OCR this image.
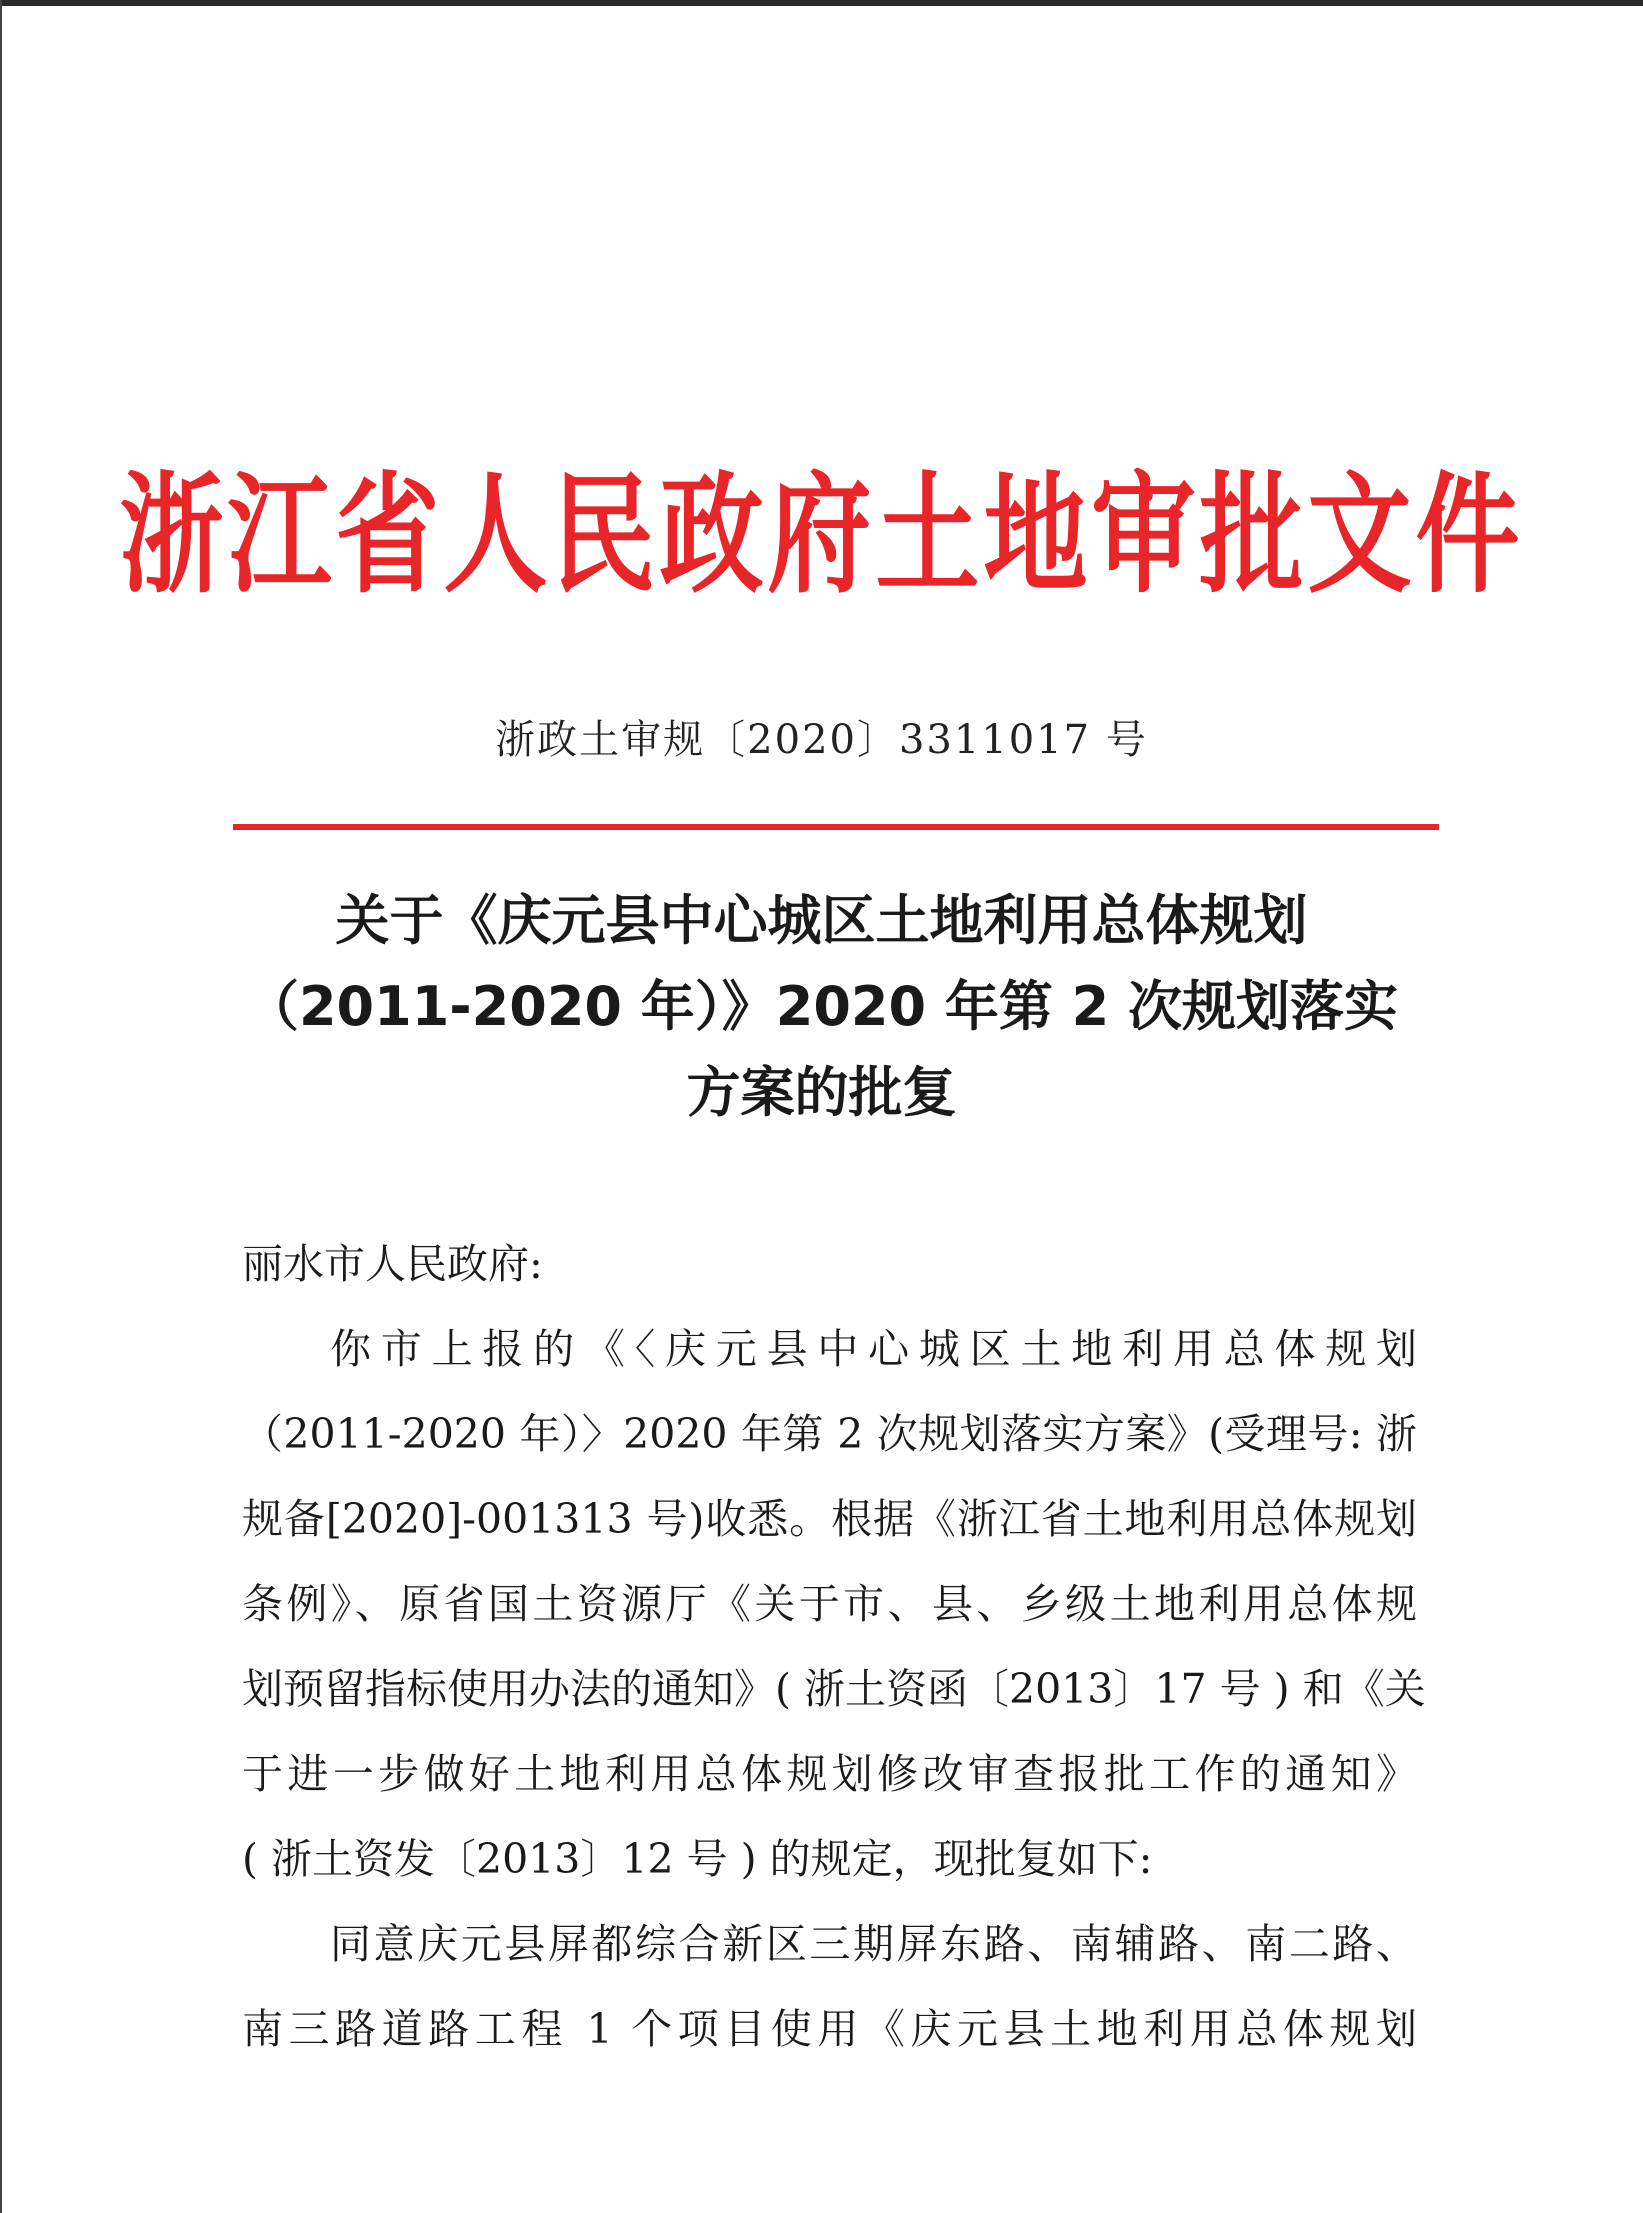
浙江省人民政府土地审批文件
浙政土审规〔2020〕3311017 号
关于《庆元县中心城区土地利用总体规划
（2011-2020 年）》2020 年第 2 次规划落实
方案的批复

丽水市人民政府:

你市上报的《〈庆元县中心城区土地利用总体规划
（2011-2020 年）〉2020 年第 2 次规划落实方案》(受理号: 浙
规备[2020]-001313 号)收悉。根据《浙江省土地利用总体规划
条例》、原省国土资源厅《关于市、县、乡级土地利用总体规
划预留指标使用办法的通知》( 浙土资函〔2013〕17 号 ) 和《关
于进一步做好土地利用总体规划修改审查报批工作的通知》
( 浙土资发〔2013〕12 号 ) 的规定，现批复如下:
同意庆元县屏都综合新区三期屏东路、南辅路、南二路、
南三路道路工程 1 个项目使用《庆元县土地利用总体规划
